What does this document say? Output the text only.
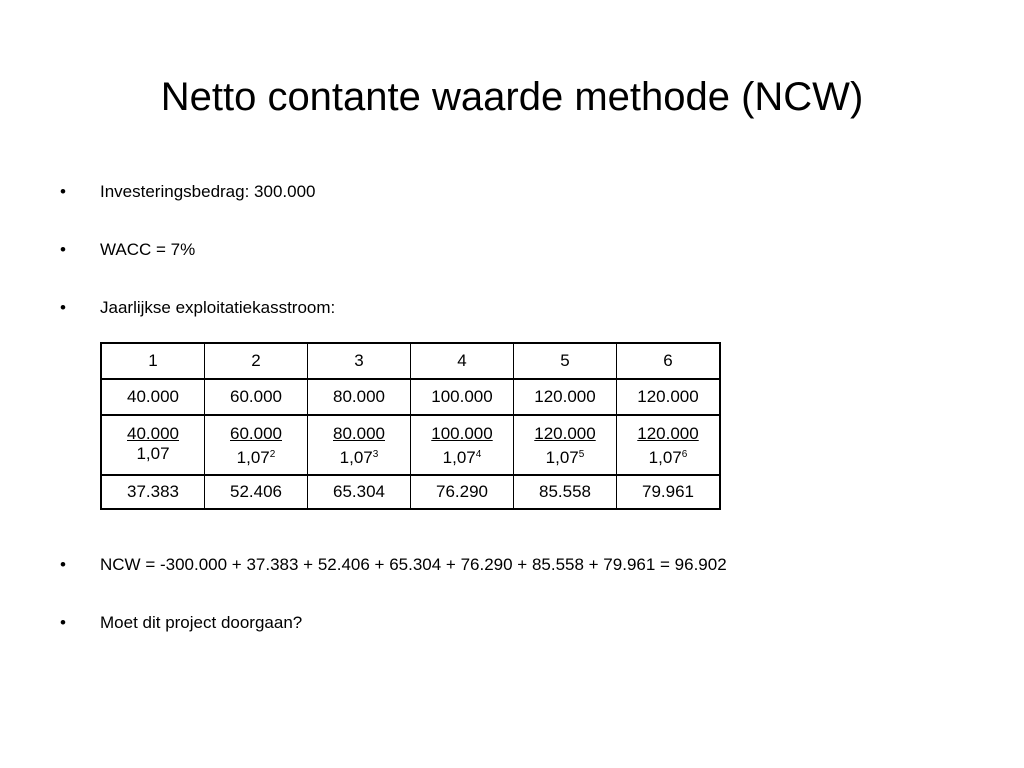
Netto contante waarde methode (NCW)
• Investeringsbedrag: 300.000
• WACC = 7%
• Jaarlijkse exploitatiekasstroom:
1	2	3	4	5	6
40.000	60.000	80.000	100.000	120.000	120.000

$\frac{40.000}{1,07}$	$\frac{60.000}{1,07^2}$	$\frac{80.000}{1,07^3}$	$\frac{100.000}{1,07^4}$	$\frac{120.000}{1,07^5}$	$\frac{120.000}{1,07^6}$

37.383	52.406	65.304	76.290	85.558	79.961
• NCW = -300.000 + 37.383 + 52.406 + 65.304 + 76.290 + 85.558 + 79.961 = 96.902
• Moet dit project doorgaan?
